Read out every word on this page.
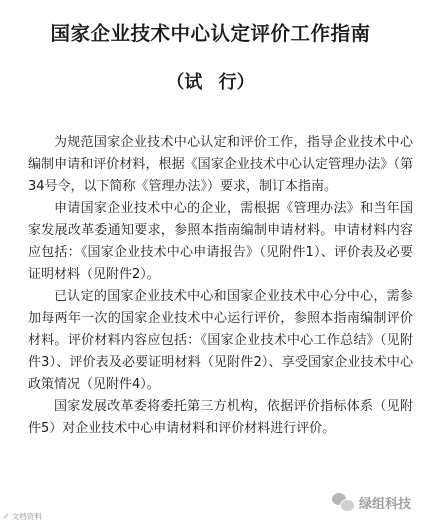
国家企业技术中心认定评价工作指南
（试 行）

为规范国家企业技术中心认定和评价工作，指导企业技术中心编制申请和评价材料，根据《国家企业技术中心认定管理办法》（第34号令，以下简称《管理办法》）要求，制订本指南。

申请国家企业技术中心的企业，需根据《管理办法》和当年国家发展改革委通知要求，参照本指南编制申请材料。申请材料内容应包括：《国家企业技术中心申请报告》（见附件1）、评价表及必要证明材料（见附件2）。

已认定的国家企业技术中心和国家企业技术中心分中心，需参加每两年一次的国家企业技术中心运行评价，参照本指南编制评价材料。评价材料内容应包括：《国家企业技术中心工作总结》（见附件3）、评价表及必要证明材料（见附件2）、享受国家企业技术中心政策情况（见附件4）。

国家发展改革委将委托第三方机构，依据评价指标体系（见附件5）对企业技术中心申请材料和评价材料进行评价。

✓ 文档资料
绿组科技
